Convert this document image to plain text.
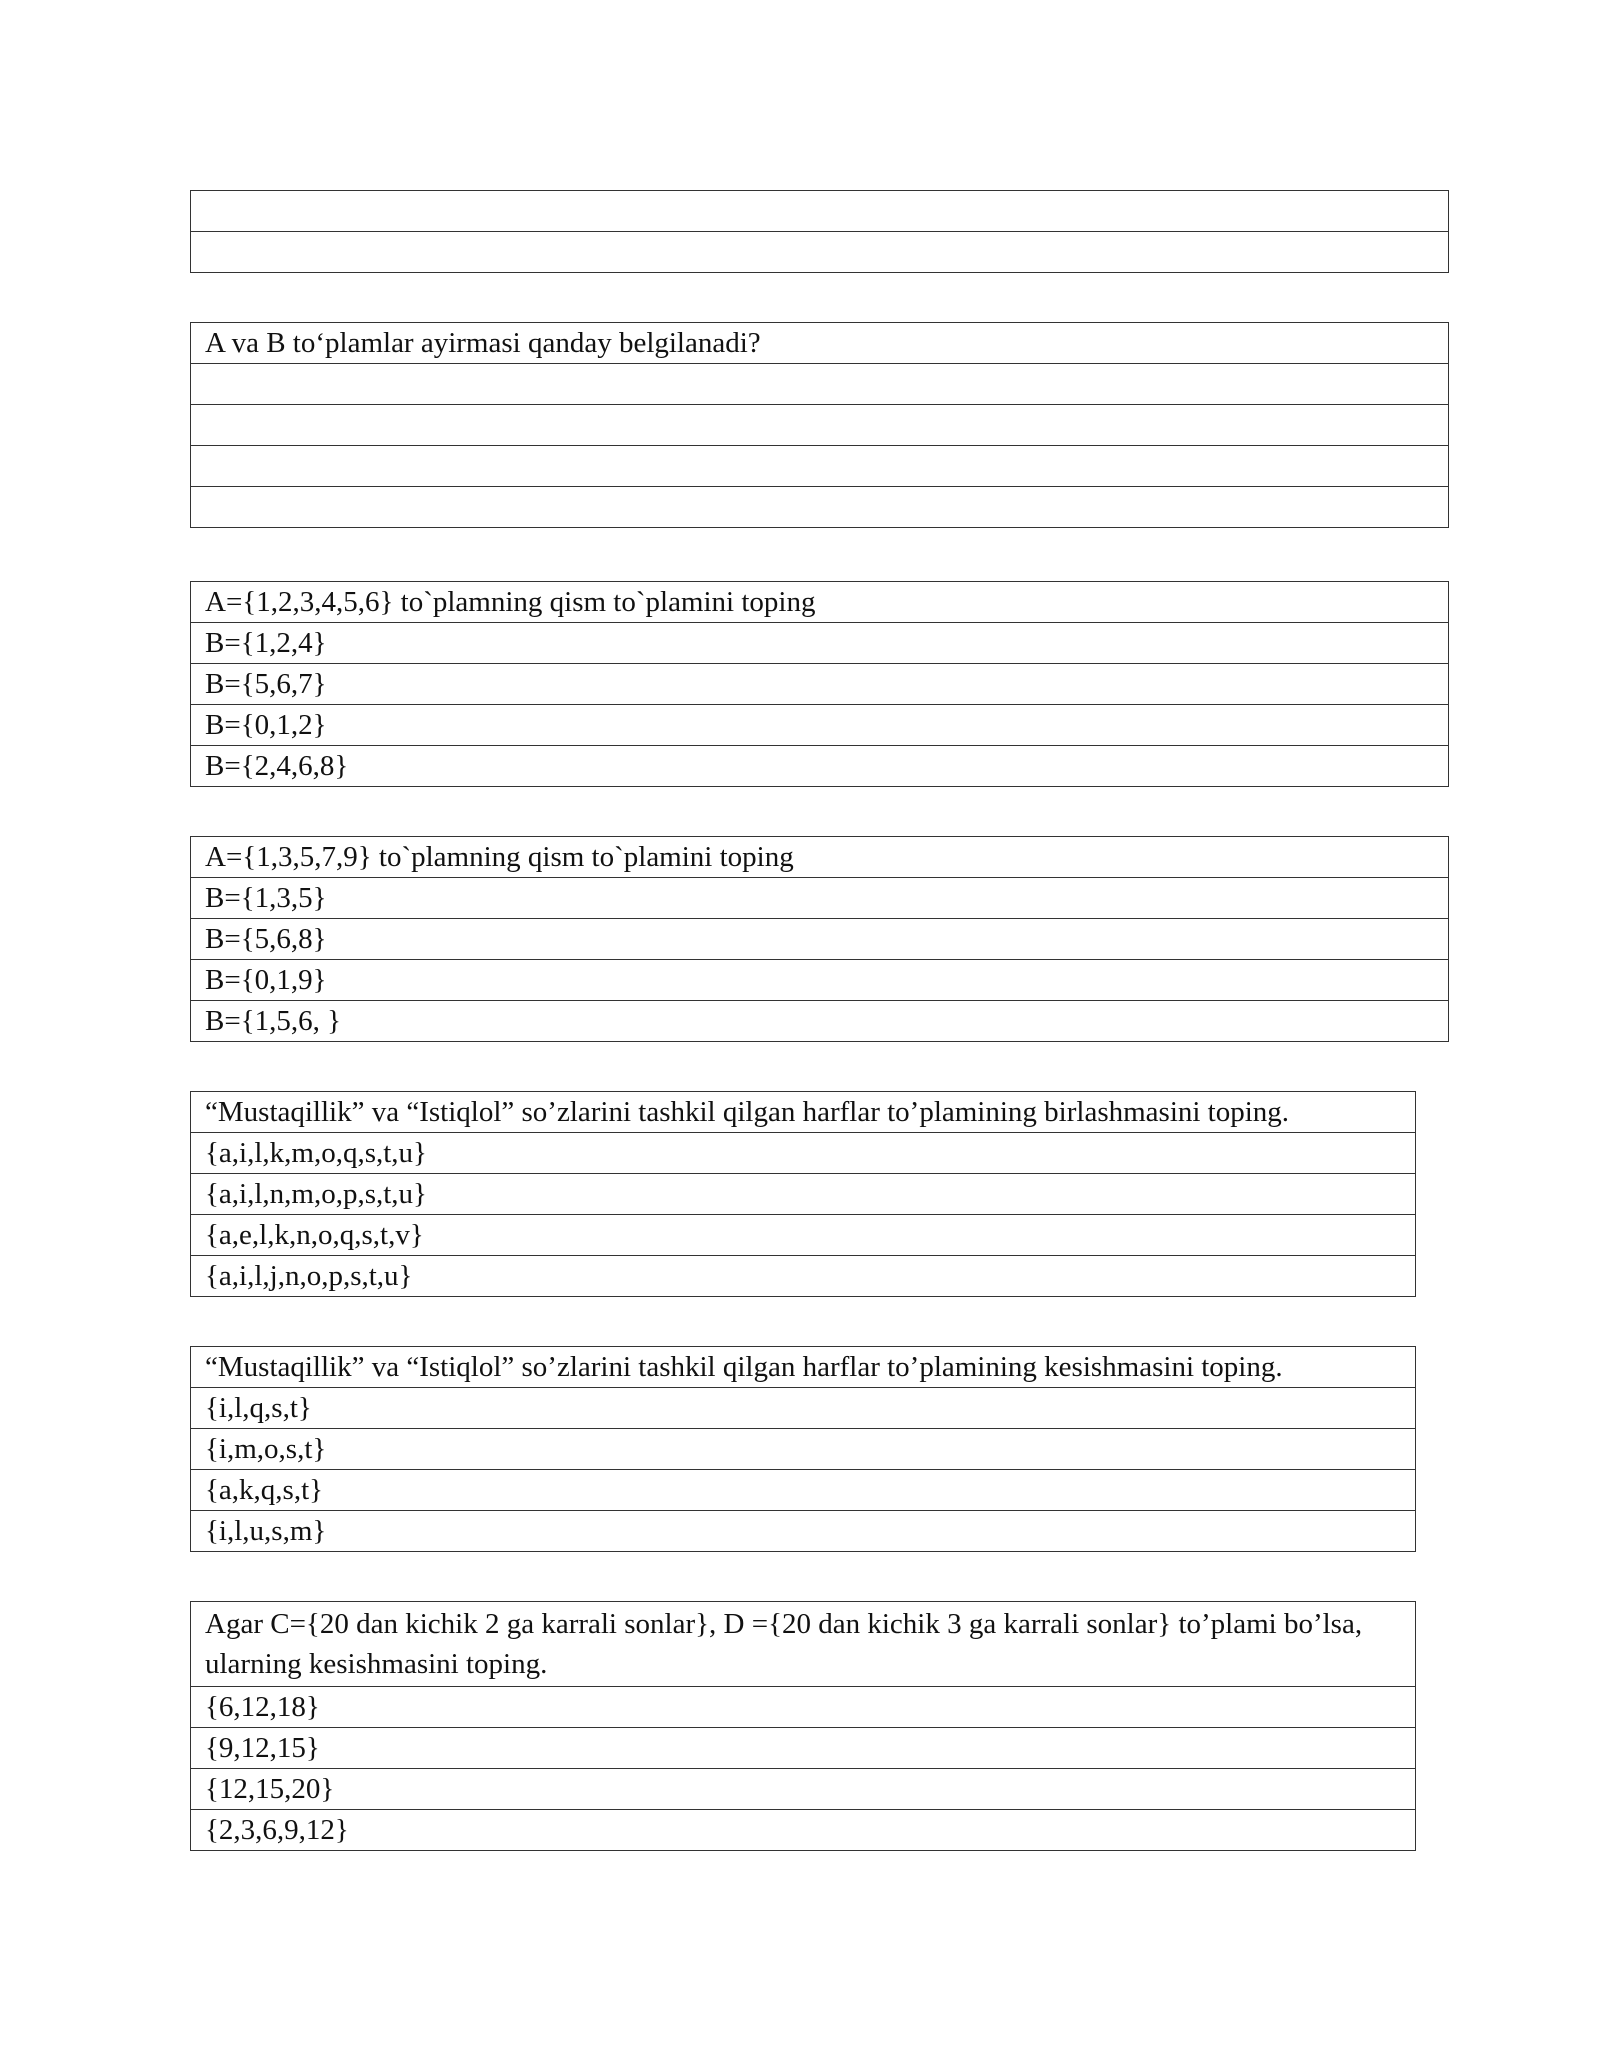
A va B to‘plamlar ayirmasi qanday belgilanadi?

A={1,2,3,4,5,6} to`plamning qism to`plamini toping
B={1,2,4}
B={5,6,7}
B={0,1,2}
B={2,4,6,8}
A={1,3,5,7,9} to`plamning qism to`plamini toping
B={1,3,5}
B={5,6,8}
B={0,1,9}
B={1,5,6, }
“Mustaqillik” va “Istiqlol” so’zlarini tashkil qilgan harflar to’plamining birlashmasini toping.
{a,i,l,k,m,o,q,s,t,u}
{a,i,l,n,m,o,p,s,t,u}
{a,e,l,k,n,o,q,s,t,v}
{a,i,l,j,n,o,p,s,t,u}
“Mustaqillik” va “Istiqlol” so’zlarini tashkil qilgan harflar to’plamining kesishmasini toping.
{i,l,q,s,t}
{i,m,o,s,t}
{a,k,q,s,t}
{i,l,u,s,m}
Agar C={20 dan kichik 2 ga karrali sonlar}, D ={20 dan kichik 3 ga karrali sonlar} to’plami bo’lsa, ularning kesishmasini toping.
{6,12,18}
{9,12,15}
{12,15,20}
{2,3,6,9,12}
